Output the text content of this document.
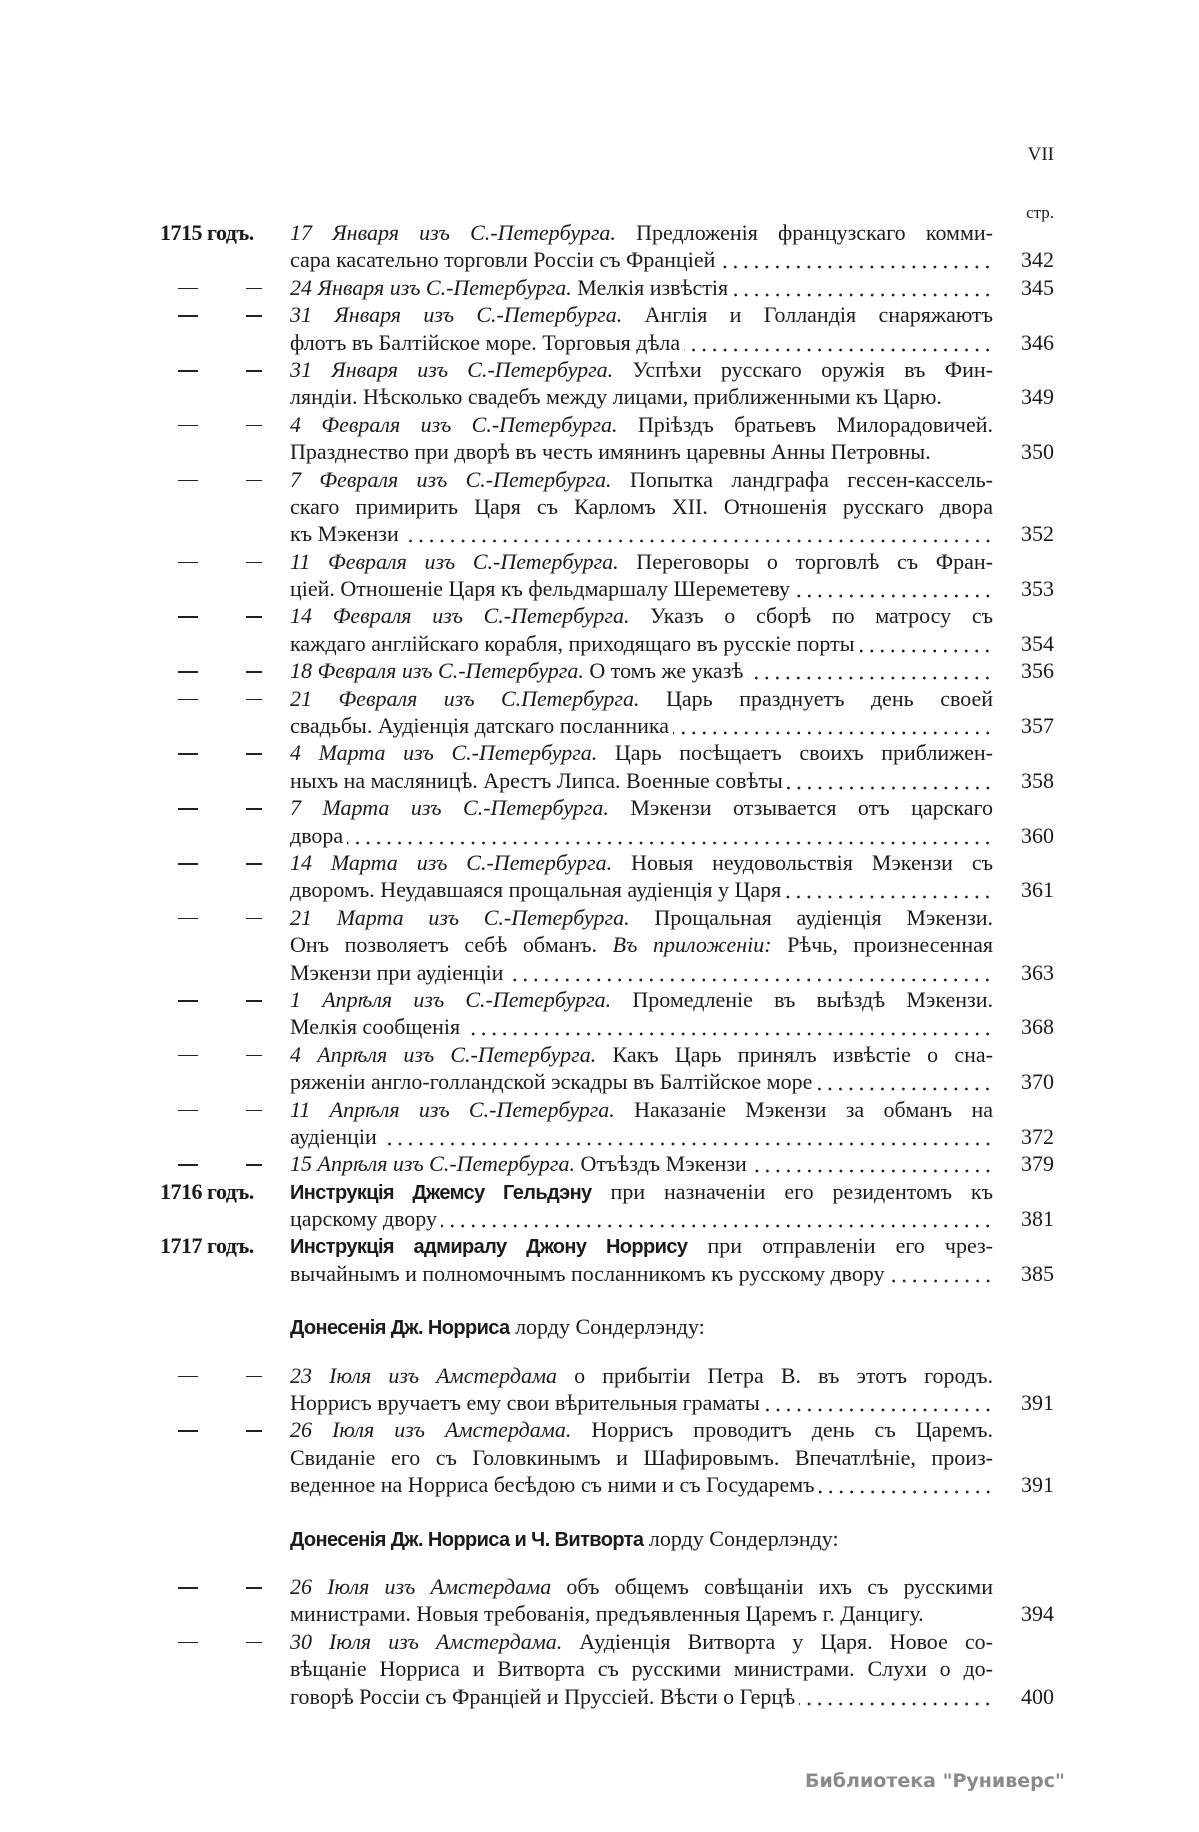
VII
стр.
1715 годъ. 17 Января изъ С.-Петербурга. Предложенія французскаго комми-
сара касательно торговли Россіи съ Франціей	342
24 Января изъ С.-Петербурга. Мелкія извѣстія	345
31 Января изъ С.-Петербурга. Англія и Голландія снаряжаютъ
флотъ въ Балтійское море. Торговыя дѣла	346
31 Января изъ С.-Петербурга. Успѣхи русскаго оружія въ Фин-
ляндіи. Нѣсколько свадебъ между лицами, приближенными къ Царю.	349
4 Февраля изъ С.-Петербурга. Пріѣздъ братьевъ Милорадовичей.
Празднество при дворѣ въ честь имянинъ царевны Анны Петровны.	350
7 Февраля изъ С.-Петербурга. Попытка ландграфа гессен-кассель-
скаго примирить Царя съ Карломъ XII. Отношенія русскаго двора
къ Мэкензи	352
11 Февраля изъ С.-Петербурга. Переговоры о торговлѣ съ Фран-
ціей. Отношеніе Царя къ фельдмаршалу Шереметеву	353
14 Февраля изъ С.-Петербурга. Указъ о сборѣ по матросу съ
каждаго англійскаго корабля, приходящаго въ русскіе порты	354
18 Февраля изъ С.-Петербурга. О томъ же указѣ	356
21 Февраля изъ С.Петербурга. Царь празднуетъ день своей
свадьбы. Аудіенція датскаго посланника	357
4 Марта изъ С.-Петербурга. Царь посѣщаетъ своихъ приближен-
ныхъ на масляницѣ. Арестъ Липса. Военные совѣты	358
7 Марта изъ С.-Петербурга. Мэкензи отзывается отъ царскаго
двора	360
14 Марта изъ С.-Петербурга. Новыя неудовольствія Мэкензи съ
дворомъ. Неудавшаяся прощальная аудіенція у Царя	361
21 Марта изъ С.-Петербурга. Прощальная аудіенція Мэкензи.
Онъ позволяетъ себѣ обманъ. Въ приложеніи: Рѣчь, произнесенная
Мэкензи при аудіенціи	363
1 Апрѣля изъ С.-Петербурга. Промедленіе въ выѣздѣ Мэкензи.
Мелкія сообщенія	368
4 Апрѣля изъ С.-Петербурга. Какъ Царь принялъ извѣстіе о сна-
ряженіи англо-голландской эскадры въ Балтійское море	370
11 Апрѣля изъ С.-Петербурга. Наказаніе Мэкензи за обманъ на
аудіенціи	372
15 Апрѣля изъ С.-Петербурга. Отъѣздъ Мэкензи	379
1716 годъ. Инструкція Джемсу Гельдэну при назначеніи его резидентомъ къ
царскому двору	381
1717 годъ. Инструкція адмиралу Джону Норрису при отправленіи его чрез-
вычайнымъ и полномочнымъ посланникомъ къ русскому двору	385
Донесенія Дж. Норриса лорду Сондерлэнду:
23 Іюля изъ Амстердама о прибытіи Петра В. въ этотъ городъ.
Норрисъ вручаетъ ему свои вѣрительныя граматы	391
26 Іюля изъ Амстердама. Норрисъ проводитъ день съ Царемъ.
Свиданіе его съ Головкинымъ и Шафировымъ. Впечатлѣніе, произ-
веденное на Норриса бесѣдою съ ними и съ Государемъ	391
Донесенія Дж. Норриса и Ч. Витворта лорду Сондерлэнду:
26 Іюля изъ Амстердама объ общемъ совѣщаніи ихъ съ русскими
министрами. Новыя требованія, предъявленныя Царемъ г. Данцигу.	394
30 Іюля изъ Амстердама. Аудіенція Витворта у Царя. Новое со-
вѣщаніе Норриса и Витворта съ русскими министрами. Слухи о до-
говорѣ Россіи съ Франціей и Пруссіей. Вѣсти о Герцѣ	400
Библиотека "Руниверс"
